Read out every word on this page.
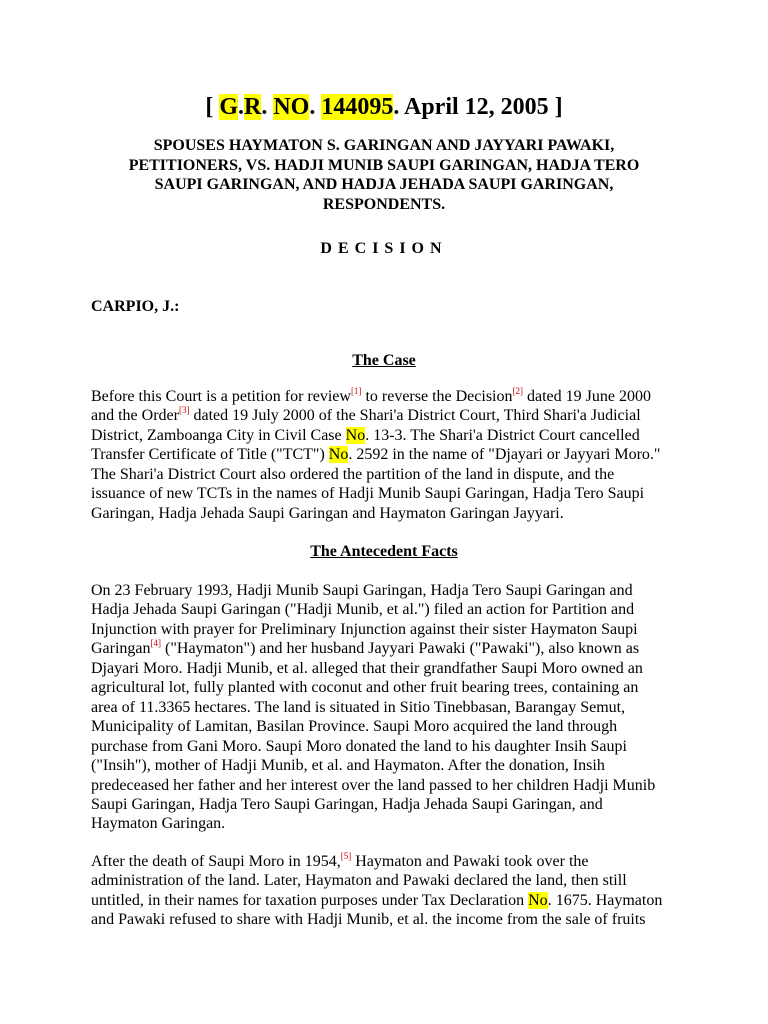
[ G.R. NO. 144095. April 12, 2005 ]
SPOUSES HAYMATON S. GARINGAN AND JAYYARI PAWAKI,
PETITIONERS, VS. HADJI MUNIB SAUPI GARINGAN, HADJA TERO
SAUPI GARINGAN, AND HADJA JEHADA SAUPI GARINGAN,
RESPONDENTS.
DECISION
CARPIO, J.:
The Case
Before this Court is a petition for review[1] to reverse the Decision[2] dated 19 June 2000
and the Order[3] dated 19 July 2000 of the Shari'a District Court, Third Shari'a Judicial
District, Zamboanga City in Civil Case No. 13-3. The Shari'a District Court cancelled
Transfer Certificate of Title ("TCT") No. 2592 in the name of "Djayari or Jayyari Moro."
The Shari'a District Court also ordered the partition of the land in dispute, and the
issuance of new TCTs in the names of Hadji Munib Saupi Garingan, Hadja Tero Saupi
Garingan, Hadja Jehada Saupi Garingan and Haymaton Garingan Jayyari.
The Antecedent Facts
On 23 February 1993, Hadji Munib Saupi Garingan, Hadja Tero Saupi Garingan and
Hadja Jehada Saupi Garingan ("Hadji Munib, et al.") filed an action for Partition and
Injunction with prayer for Preliminary Injunction against their sister Haymaton Saupi
Garingan[4] ("Haymaton") and her husband Jayyari Pawaki ("Pawaki"), also known as
Djayari Moro. Hadji Munib, et al. alleged that their grandfather Saupi Moro owned an
agricultural lot, fully planted with coconut and other fruit bearing trees, containing an
area of 11.3365 hectares. The land is situated in Sitio Tinebbasan, Barangay Semut,
Municipality of Lamitan, Basilan Province. Saupi Moro acquired the land through
purchase from Gani Moro. Saupi Moro donated the land to his daughter Insih Saupi
("Insih"), mother of Hadji Munib, et al. and Haymaton. After the donation, Insih
predeceased her father and her interest over the land passed to her children Hadji Munib
Saupi Garingan, Hadja Tero Saupi Garingan, Hadja Jehada Saupi Garingan, and
Haymaton Garingan.
After the death of Saupi Moro in 1954,[5] Haymaton and Pawaki took over the
administration of the land. Later, Haymaton and Pawaki declared the land, then still
untitled, in their names for taxation purposes under Tax Declaration No. 1675. Haymaton
and Pawaki refused to share with Hadji Munib, et al. the income from the sale of fruits
